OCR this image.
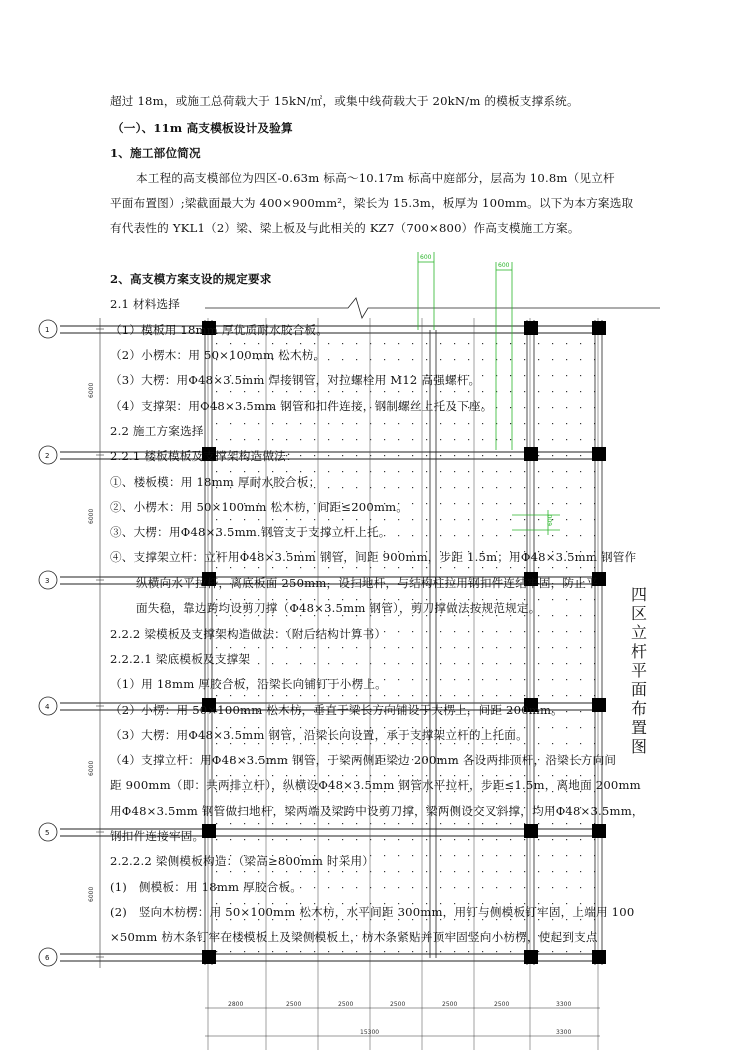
600
600
600
1
2
3
4
5
6
6000
6000
6000
6000
2800	2500	2500	2500	2500	2500	3300
15300	3300
四
区
立
杆
平
面
布
置
图
超过 18m，或施工总荷载大于 15kN/㎡，或集中线荷载大于 20kN/m 的模板支撑系统。
（一）、11m 高支模板设计及验算
1、施工部位简况
本工程的高支模部位为四区-0.63m 标高～10.17m 标高中庭部分，层高为 10.8m（见立杆
平面布置图）;梁截面最大为 400×900mm²，梁长为 15.3m，板厚为 100mm。以下为本方案选取
有代表性的 YKL1（2）梁、梁上板及与此相关的 KZ7（700×800）作高支模施工方案。
2、高支模方案支设的规定要求
2.1 材料选择
（1）模板用 18mm 厚优质耐水胶合板。
（2）小楞木：用 50×100mm 松木枋。
（3）大楞：用Φ48×3.5mm 焊接钢管，对拉螺栓用 M12 高强螺杆。
（4）支撑架：用Φ48×3.5mm 钢管和扣件连接，钢制螺丝上托及下座。
2.2 施工方案选择
2.2.1 楼板模板及支撑架构造做法：
①、楼板模：用 18mm 厚耐水胶合板；
②、小楞木：用 50×100mm 松木枋，间距≤200mm。
③、大楞：用Φ48×3.5mm 钢管支于支撑立杆上托。
④、支撑架立杆：立杆用Φ48×3.5mm 钢管，间距 900mm，步距 1.5m；用Φ48×3.5mm 钢管作
纵横向水平拉杆，离底板面 250mm，设扫地杆，与结构柱拉用钢扣件连结牢固，防止平
面失稳，靠边跨均设剪刀撑（Φ48×3.5mm 钢管），剪刀撑做法按规范规定。
2.2.2 梁模板及支撑架构造做法：（附后结构计算书）
2.2.2.1 梁底模板及支撑架
（1）用 18mm 厚胶合板，沿梁长向铺钉于小楞上。
（2）小楞：用 50×100mm 松木枋，垂直于梁长方向铺设于大楞上，间距 200mm。
（3）大楞：用Φ48×3.5mm 钢管，沿梁长向设置，承于支撑架立杆的上托面。
（4）支撑立杆：用Φ48×3.5mm 钢管，于梁两侧距梁边 200mm 各设两排顶杆，沿梁长方向间
距 900mm（即：共两排立杆），纵横设Φ48×3.5mm 钢管水平拉杆，步距≤1.5m，离地面 200mm
用Φ48×3.5mm 钢管做扫地杆，梁两端及梁跨中设剪刀撑，梁两侧设交叉斜撑，均用Φ48×3.5mm，
钢扣件连接牢固。
2.2.2.2 梁侧模板构造：（梁高≥800mm 时采用）
(1)　侧模板：用 18mm 厚胶合板。
(2)　竖向木枋楞：用 50×100mm 松木枋，水平间距 300mm，用钉与侧模板钉牢固，上端用 100
×50mm 枋木条钉牢在楼模板上及梁侧模板上，枋木条紧贴并顶牢固竖向小枋楞，使起到支点
